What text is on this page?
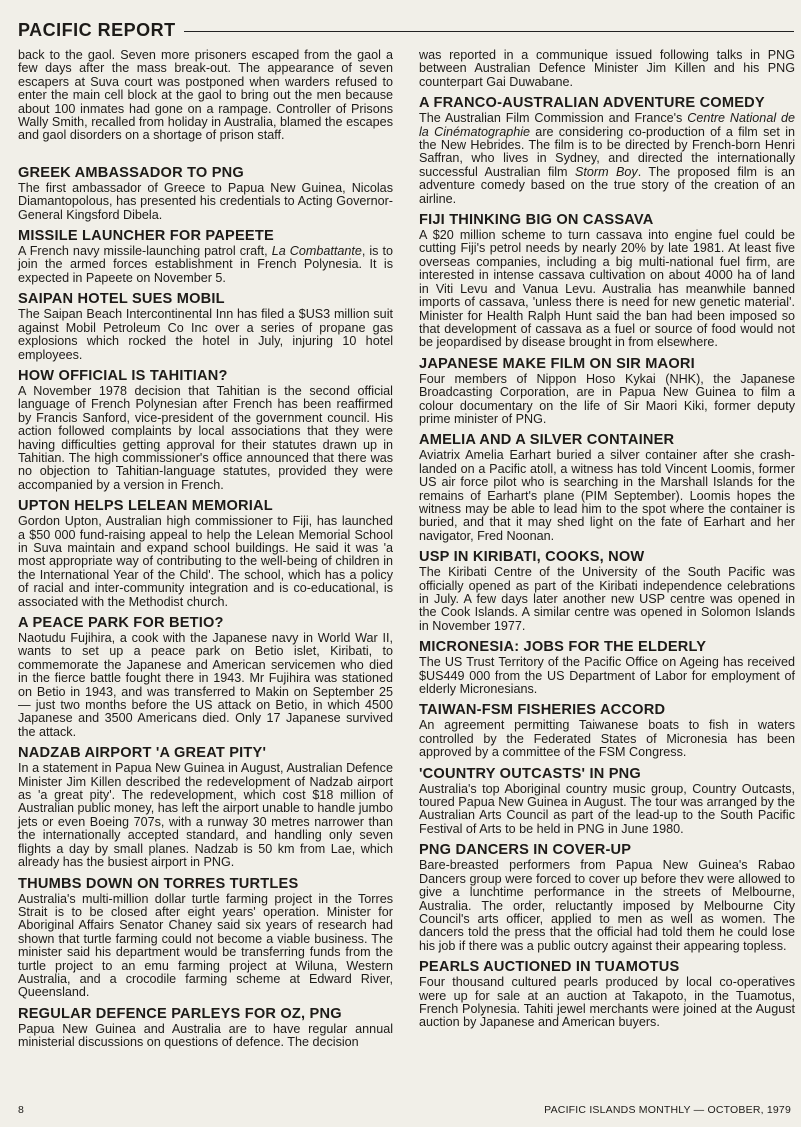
PACIFIC REPORT

back to the gaol. Seven more prisoners escaped from the gaol a few days after the mass break-out. The appearance of seven escapers at Suva court was postponed when warders refused to enter the main cell block at the gaol to bring out the men because about 100 inmates had gone on a rampage. Controller of Prisons Wally Smith, recalled from holiday in Australia, blamed the escapes and gaol disorders on a shortage of prison staff.

GREEK AMBASSADOR TO PNG

The first ambassador of Greece to Papua New Guinea, Nicolas Diamantopolous, has presented his credentials to Acting Governor-General Kingsford Dibela.

MISSILE LAUNCHER FOR PAPEETE

A French navy missile-launching patrol craft, La Combattante, is to join the armed forces establishment in French Polynesia. It is expected in Papeete on November 5.

SAIPAN HOTEL SUES MOBIL

The Saipan Beach Intercontinental Inn has filed a $US3 million suit against Mobil Petroleum Co Inc over a series of propane gas explosions which rocked the hotel in July, injuring 10 hotel employees.

HOW OFFICIAL IS TAHITIAN?

A November 1978 decision that Tahitian is the second official language of French Polynesian after French has been reaffirmed by Francis Sanford, vice-president of the government council. His action followed complaints by local associations that they were having difficulties getting approval for their statutes drawn up in Tahitian. The high commissioner's office announced that there was no objection to Tahitian-language statutes, provided they were accompanied by a version in French.

UPTON HELPS LELEAN MEMORIAL

Gordon Upton, Australian high commissioner to Fiji, has launched a $50 000 fund-raising appeal to help the Lelean Memorial School in Suva maintain and expand school buildings. He said it was 'a most appropriate way of contributing to the well-being of children in the International Year of the Child'. The school, which has a policy of racial and inter-community integration and is co-educational, is associated with the Methodist church.

A PEACE PARK FOR BETIO?

Naotudu Fujihira, a cook with the Japanese navy in World War II, wants to set up a peace park on Betio islet, Kiribati, to commemorate the Japanese and American servicemen who died in the fierce battle fought there in 1943. Mr Fujihira was stationed on Betio in 1943, and was transferred to Makin on September 25 — just two months before the US attack on Betio, in which 4500 Japanese and 3500 Americans died. Only 17 Japanese survived the attack.

NADZAB AIRPORT 'A GREAT PITY'

In a statement in Papua New Guinea in August, Australian Defence Minister Jim Killen described the redevelopment of Nadzab airport as 'a great pity'. The redevelopment, which cost $18 million of Australian public money, has left the airport unable to handle jumbo jets or even Boeing 707s, with a runway 30 metres narrower than the internationally accepted standard, and handling only seven flights a day by small planes. Nadzab is 50 km from Lae, which already has the busiest airport in PNG.

THUMBS DOWN ON TORRES TURTLES

Australia's multi-million dollar turtle farming project in the Torres Strait is to be closed after eight years' operation. Minister for Aboriginal Affairs Senator Chaney said six years of research had shown that turtle farming could not become a viable business. The minister said his department would be transferring funds from the turtle project to an emu farming project at Wiluna, Western Australia, and a crocodile farming scheme at Edward River, Queensland.

REGULAR DEFENCE PARLEYS FOR OZ, PNG

Papua New Guinea and Australia are to have regular annual ministerial discussions on questions of defence. The decision

was reported in a communique issued following talks in PNG between Australian Defence Minister Jim Killen and his PNG counterpart Gai Duwabane.

A FRANCO-AUSTRALIAN ADVENTURE COMEDY

The Australian Film Commission and France's Centre National de la Cinématographie are considering co-production of a film set in the New Hebrides. The film is to be directed by French-born Henri Saffran, who lives in Sydney, and directed the internationally successful Australian film Storm Boy. The proposed film is an adventure comedy based on the true story of the creation of an airline.

FIJI THINKING BIG ON CASSAVA

A $20 million scheme to turn cassava into engine fuel could be cutting Fiji's petrol needs by nearly 20% by late 1981. At least five overseas companies, including a big multi-national fuel firm, are interested in intense cassava cultivation on about 4000 ha of land in Viti Levu and Vanua Levu. Australia has meanwhile banned imports of cassava, 'unless there is need for new genetic material'. Minister for Health Ralph Hunt said the ban had been imposed so that development of cassava as a fuel or source of food would not be jeopardised by disease brought in from elsewhere.

JAPANESE MAKE FILM ON SIR MAORI

Four members of Nippon Hoso Kykai (NHK), the Japanese Broadcasting Corporation, are in Papua New Guinea to film a colour documentary on the life of Sir Maori Kiki, former deputy prime minister of PNG.

AMELIA AND A SILVER CONTAINER

Aviatrix Amelia Earhart buried a silver container after she crash-landed on a Pacific atoll, a witness has told Vincent Loomis, former US air force pilot who is searching in the Marshall Islands for the remains of Earhart's plane (PIM September). Loomis hopes the witness may be able to lead him to the spot where the container is buried, and that it may shed light on the fate of Earhart and her navigator, Fred Noonan.

USP IN KIRIBATI, COOKS, NOW

The Kiribati Centre of the University of the South Pacific was officially opened as part of the Kiribati independence celebrations in July. A few days later another new USP centre was opened in the Cook Islands. A similar centre was opened in Solomon Islands in November 1977.

MICRONESIA: JOBS FOR THE ELDERLY

The US Trust Territory of the Pacific Office on Ageing has received $US449 000 from the US Department of Labor for employment of elderly Micronesians.

TAIWAN-FSM FISHERIES ACCORD

An agreement permitting Taiwanese boats to fish in waters controlled by the Federated States of Micronesia has been approved by a committee of the FSM Congress.

'COUNTRY OUTCASTS' IN PNG

Australia's top Aboriginal country music group, Country Outcasts, toured Papua New Guinea in August. The tour was arranged by the Australian Arts Council as part of the lead-up to the South Pacific Festival of Arts to be held in PNG in June 1980.

PNG DANCERS IN COVER-UP

Bare-breasted performers from Papua New Guinea's Rabao Dancers group were forced to cover up before thev were allowed to give a lunchtime performance in the streets of Melbourne, Australia. The order, reluctantly imposed by Melbourne City Council's arts officer, applied to men as well as women. The dancers told the press that the official had told them he could lose his job if there was a public outcry against their appearing topless.

PEARLS AUCTIONED IN TUAMOTUS

Four thousand cultured pearls produced by local co-operatives were up for sale at an auction at Takapoto, in the Tuamotus, French Polynesia. Tahiti jewel merchants were joined at the August auction by Japanese and American buyers.

8	PACIFIC ISLANDS MONTHLY — OCTOBER, 1979
